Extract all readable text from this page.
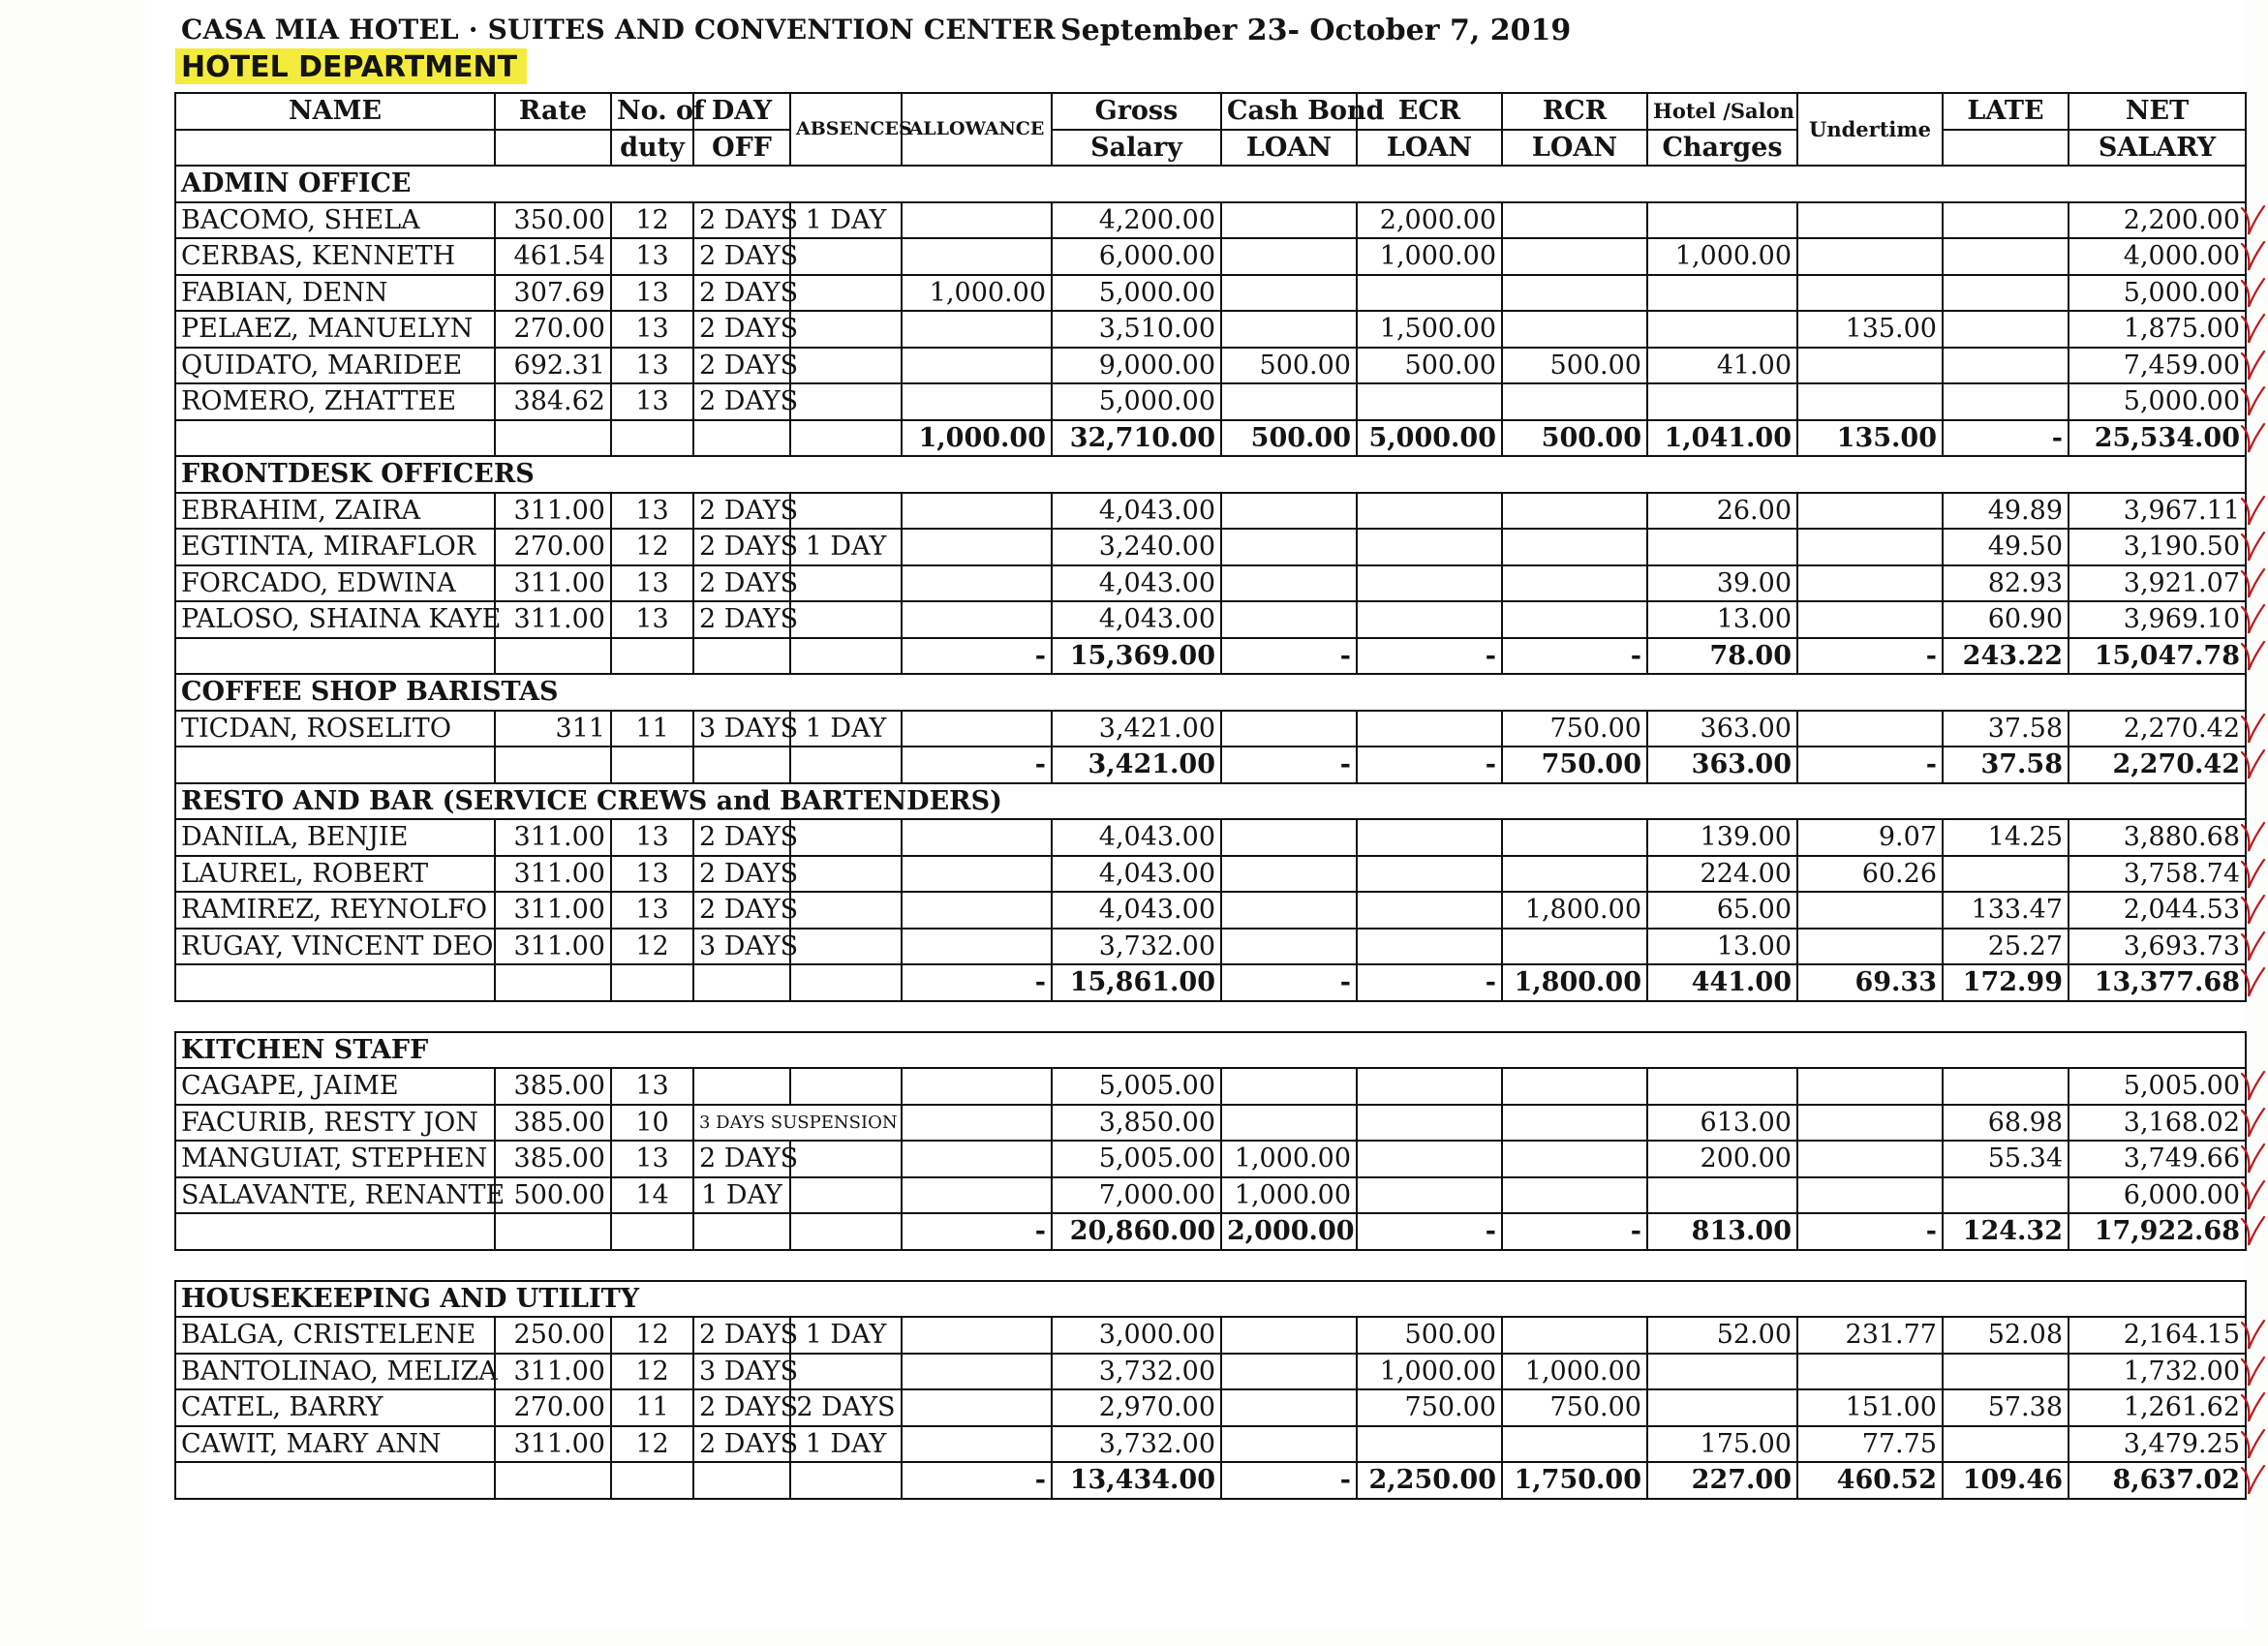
CASA MIA HOTEL · SUITES AND CONVENTION CENTER September 23- October 7, 2019
HOTEL DEPARTMENT
NAME	Rate	No. of	DAY	ABSENCES	ALLOWANCE	Gross	Cash Bond	ECR	RCR	Hotel /Salon	Undertime	LATE	NET
		duty	OFF			Salary	LOAN	LOAN	LOAN	Charges			SALARY
ADMIN OFFICE													
BACOMO, SHELA	350.00	12	2 DAYS	1 DAY		4,200.00		2,000.00					2,200.00
CERBAS, KENNETH	461.54	13	2 DAYS			6,000.00		1,000.00		1,000.00			4,000.00
FABIAN, DENN	307.69	13	2 DAYS		1,000.00	5,000.00							5,000.00
PELAEZ, MANUELYN	270.00	13	2 DAYS			3,510.00		1,500.00			135.00		1,875.00
QUIDATO, MARIDEE	692.31	13	2 DAYS			9,000.00	500.00	500.00	500.00	41.00			7,459.00
ROMERO, ZHATTEE	384.62	13	2 DAYS			5,000.00							5,000.00
					1,000.00	32,710.00	500.00	5,000.00	500.00	1,041.00	135.00	-	25,534.00
FRONTDESK OFFICERS													
EBRAHIM, ZAIRA	311.00	13	2 DAYS			4,043.00				26.00		49.89	3,967.11
EGTINTA, MIRAFLOR	270.00	12	2 DAYS	1 DAY		3,240.00						49.50	3,190.50
FORCADO, EDWINA	311.00	13	2 DAYS			4,043.00				39.00		82.93	3,921.07
PALOSO, SHAINA KAYE	311.00	13	2 DAYS			4,043.00				13.00		60.90	3,969.10
					-	15,369.00	-	-	-	78.00	-	243.22	15,047.78
COFFEE SHOP BARISTAS													
TICDAN, ROSELITO	311	11	3 DAYS	1 DAY		3,421.00			750.00	363.00		37.58	2,270.42
					-	3,421.00	-	-	750.00	363.00	-	37.58	2,270.42
RESTO AND BAR (SERVICE CREWS and BARTENDERS)													
DANILA, BENJIE	311.00	13	2 DAYS			4,043.00				139.00	9.07	14.25	3,880.68
LAUREL, ROBERT	311.00	13	2 DAYS			4,043.00				224.00	60.26		3,758.74
RAMIREZ, REYNOLFO	311.00	13	2 DAYS			4,043.00			1,800.00	65.00		133.47	2,044.53
RUGAY, VINCENT DEO	311.00	12	3 DAYS			3,732.00				13.00		25.27	3,693.73
					-	15,861.00	-	-	1,800.00	441.00	69.33	172.99	13,377.68

KITCHEN STAFF													
CAGAPE, JAIME	385.00	13				5,005.00							5,005.00
FACURIB, RESTY JON	385.00	10	3 DAYS SUSPENSION			3,850.00				613.00		68.98	3,168.02
MANGUIAT, STEPHEN	385.00	13	2 DAYS			5,005.00	1,000.00			200.00		55.34	3,749.66
SALAVANTE, RENANTE	500.00	14	1 DAY			7,000.00	1,000.00						6,000.00
					-	20,860.00	2,000.00	-	-	813.00	-	124.32	17,922.68

HOUSEKEEPING AND UTILITY													
BALGA, CRISTELENE	250.00	12	2 DAYS	1 DAY		3,000.00		500.00		52.00	231.77	52.08	2,164.15
BANTOLINAO, MELIZA	311.00	12	3 DAYS			3,732.00		1,000.00	1,000.00				1,732.00
CATEL, BARRY	270.00	11	2 DAYS	2 DAYS		2,970.00		750.00	750.00		151.00	57.38	1,261.62
CAWIT, MARY ANN	311.00	12	2 DAYS	1 DAY		3,732.00				175.00	77.75		3,479.25
					-	13,434.00	-	2,250.00	1,750.00	227.00	460.52	109.46	8,637.02
